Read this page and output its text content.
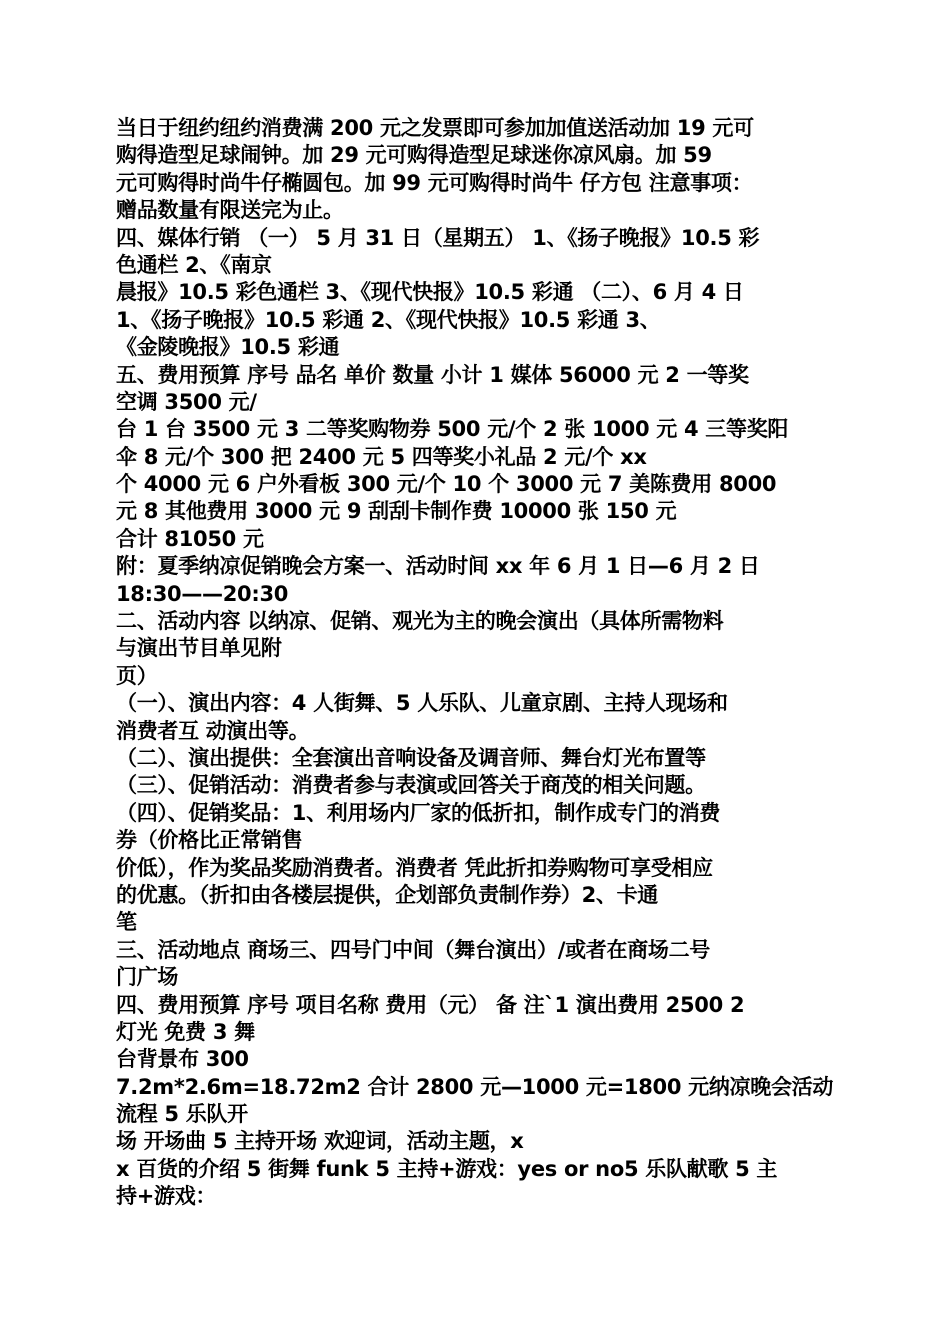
当日于纽约纽约消费满 200 元之发票即可参加加值送活动加 19 元可
购得造型足球闹钟。加 29 元可购得造型足球迷你凉风扇。加 59
元可购得时尚牛仔椭圆包。加 99 元可购得时尚牛 仔方包 注意事项：
赠品数量有限送完为止。
四、媒体行销 （一） 5 月 31 日（星期五） 1、《扬子晚报》10.5 彩
色通栏 2、《南京
晨报》10.5 彩色通栏 3、《现代快报》10.5 彩通 （二）、6 月 4 日
1、《扬子晚报》10.5 彩通 2、《现代快报》10.5 彩通 3、
《金陵晚报》10.5 彩通
五、费用预算 序号 品名 单价 数量 小计 1 媒体 56000 元 2 一等奖
空调 3500 元/
台 1 台 3500 元 3 二等奖购物券 500 元/个 2 张 1000 元 4 三等奖阳
伞 8 元/个 300 把 2400 元 5 四等奖小礼品 2 元/个 xx
个 4000 元 6 户外看板 300 元/个 10 个 3000 元 7 美陈费用 8000
元 8 其他费用 3000 元 9 刮刮卡制作费 10000 张 150 元
合计 81050 元
附：夏季纳凉促销晚会方案一、活动时间 xx 年 6 月 1 日—6 月 2 日
18:30——20:30
二、活动内容 以纳凉、促销、观光为主的晚会演出（具体所需物料
与演出节目单见附
页）
（一）、演出内容：4 人街舞、5 人乐队、儿童京剧、主持人现场和
消费者互 动演出等。
（二）、演出提供：全套演出音响设备及调音师、舞台灯光布置等
（三）、促销活动：消费者参与表演或回答关于商茂的相关问题。
（四）、促销奖品：1、利用场内厂家的低折扣，制作成专门的消费
券（价格比正常销售
价低），作为奖品奖励消费者。消费者 凭此折扣券购物可享受相应
的优惠。（折扣由各楼层提供，企划部负责制作券）2、卡通
笔
三、活动地点 商场三、四号门中间（舞台演出）/或者在商场二号
门广场
四、费用预算 序号 项目名称 费用（元） 备 注`1 演出费用 2500 2
灯光 免费 3 舞
台背景布 300
7.2m*2.6m=18.72m2 合计 2800 元—1000 元=1800 元纳凉晚会活动
流程 5 乐队开
场 开场曲 5 主持开场 欢迎词，活动主题，x
x 百货的介绍 5 街舞 funk 5 主持+游戏：yes or no5 乐队献歌 5 主
持+游戏：
